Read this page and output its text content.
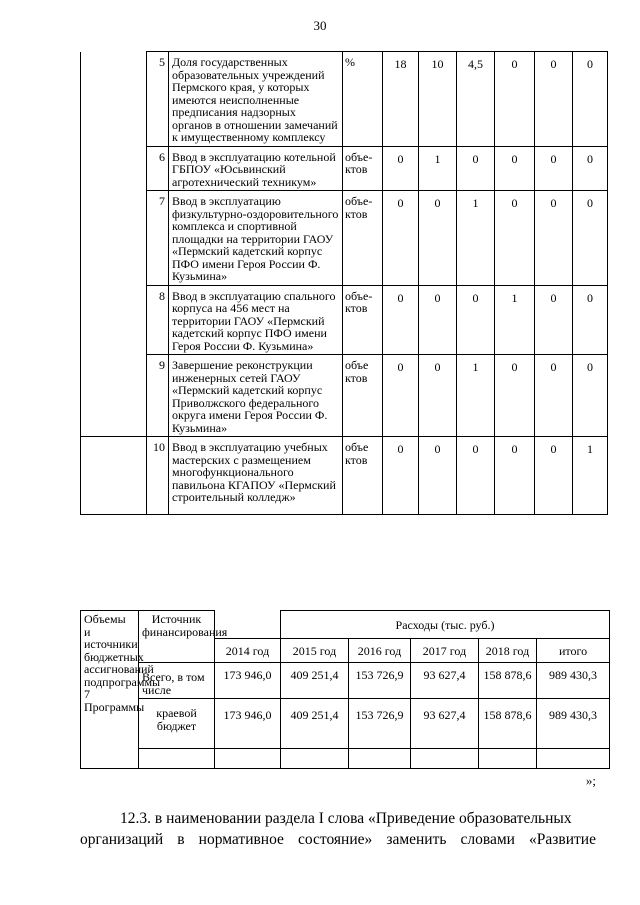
30
	5	Доля государственных образовательных учреждений Пермского края, у которых имеются неисполненные предписания надзорных органов в отношении замечаний к имущественному комплексу	%	18	10	4,5	0	0	0
	6	Ввод в эксплуатацию котельной ГБПОУ «Юсьвинский агротехнический техникум»	объе-ктов	0	1	0	0	0	0
	7	Ввод в эксплуатацию физкультурно-оздоровительного комплекса и спортивной площадки на территории ГАОУ «Пермский кадетский корпус ПФО имени Героя России Ф. Кузьмина»	объе-ктов	0	0	1	0	0	0
	8	Ввод в эксплуатацию спального корпуса на 456 мест на территории ГАОУ «Пермский кадетский корпус ПФО имени Героя России Ф. Кузьмина»	объе-ктов	0	0	0	1	0	0
	9	Завершение реконструкции инженерных сетей ГАОУ «Пермский кадетский корпус Приволжского федерального округа имени Героя России Ф. Кузьмина»	объе ктов	0	0	1	0	0	0
	10	Ввод в эксплуатацию учебных мастерских с размещением многофункционального павильона КГАПОУ «Пермский строительный колледж»	объе ктов	0	0	0	0	0	1
Объемы и источники бюджетных ассигнований подпрограммы 7 Программы	Источник финансирования		Расходы (тыс. руб.)				
		2014 год	2015 год	2016 год	2017 год	2018 год	итого
	Всего, в том числе	173 946,0	409 251,4	153 726,9	93 627,4	158 878,6	989 430,3
	краевой бюджет	173 946,0	409 251,4	153 726,9	93 627,4	158 878,6	989 430,3

»;
12.3. в наименовании раздела I слова «Приведение образовательных
организаций в нормативное состояние» заменить словами «Развитие
